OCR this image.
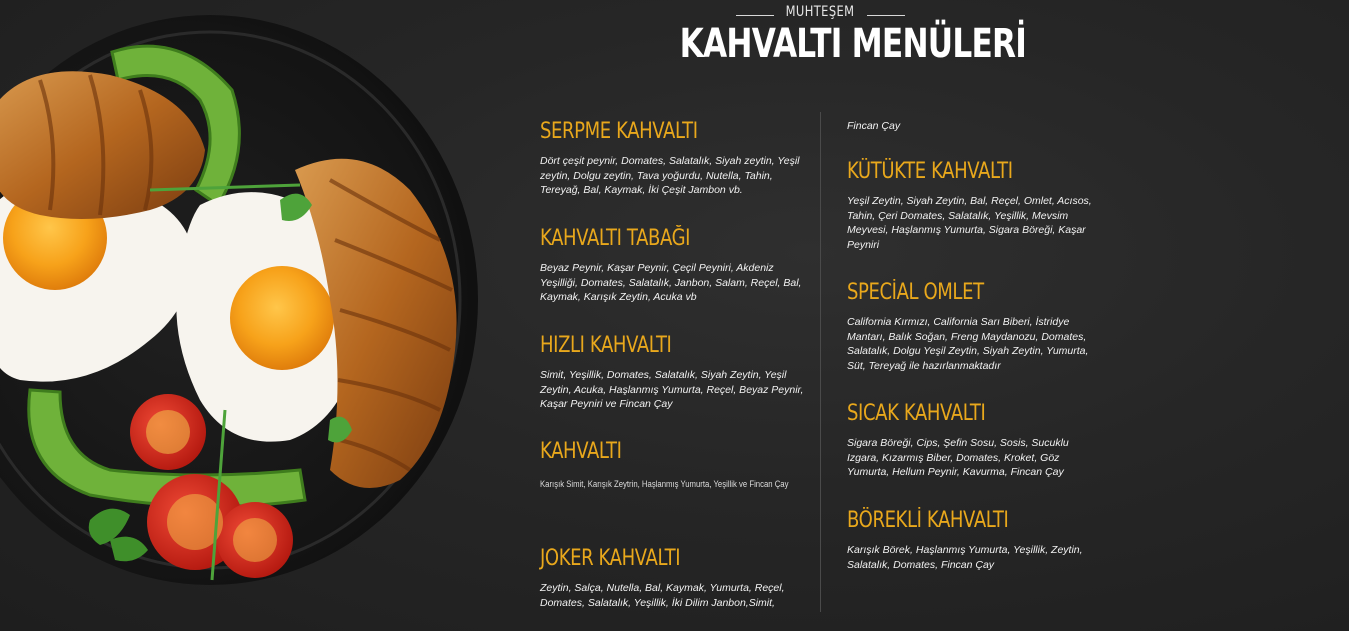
MUHTEŞEM
KAHVALTI MENÜLERİ
SERPME KAHVALTI

Dört çeşit peynir, Domates, Salatalık, Siyah zeytin, Yeşil zeytin, Dolgu zeytin, Tava yoğurdu, Nutella, Tahin, Tereyağ, Bal, Kaymak, İki Çeşit Jambon vb.

KAHVALTI TABAĞI

Beyaz Peynir, Kaşar Peynir, Çeçil Peyniri, Akdeniz Yeşilliği, Domates, Salatalık, Janbon, Salam, Reçel, Bal, Kaymak, Karışık Zeytin, Acuka vb

HIZLI KAHVALTI

Simit, Yeşillik, Domates, Salatalık, Siyah Zeytin, Yeşil Zeytin, Acuka, Haşlanmış Yumurta, Reçel, Beyaz Peynir, Kaşar Peyniri ve Fincan Çay

KAHVALTI

Karışık Simit, Karışık Zeytrin, Haşlanmış Yumurta, Yeşillik ve Fincan Çay

JOKER KAHVALTI

Zeytin, Salça, Nutella, Bal, Kaymak, Yumurta, Reçel, Domates, Salatalık, Yeşillik, İki Dilim Janbon,Simit,

Fincan Çay

KÜTÜKTE KAHVALTI

Yeşil Zeytin, Siyah Zeytin, Bal, Reçel, Omlet, Acısos, Tahin, Çeri Domates, Salatalık, Yeşillik, Mevsim Meyvesi, Haşlanmış Yumurta, Sigara Böreği, Kaşar Peyniri

SPECİAL OMLET

California Kırmızı, California Sarı Biberi, İstridye Mantarı, Balık Soğan, Freng Maydanozu, Domates, Salatalık, Dolgu Yeşil Zeytin, Siyah Zeytin, Yumurta, Süt, Tereyağ ile hazırlanmaktadır

SICAK KAHVALTI

Sigara Böreği, Cips, Şefin Sosu, Sosis, Sucuklu Izgara, Kızarmış Biber, Domates, Kroket, Göz Yumurta, Hellum Peynir, Kavurma, Fincan Çay

BÖREKLİ KAHVALTI

Karışık Börek, Haşlanmış Yumurta, Yeşillik, Zeytin, Salatalık, Domates, Fincan Çay
